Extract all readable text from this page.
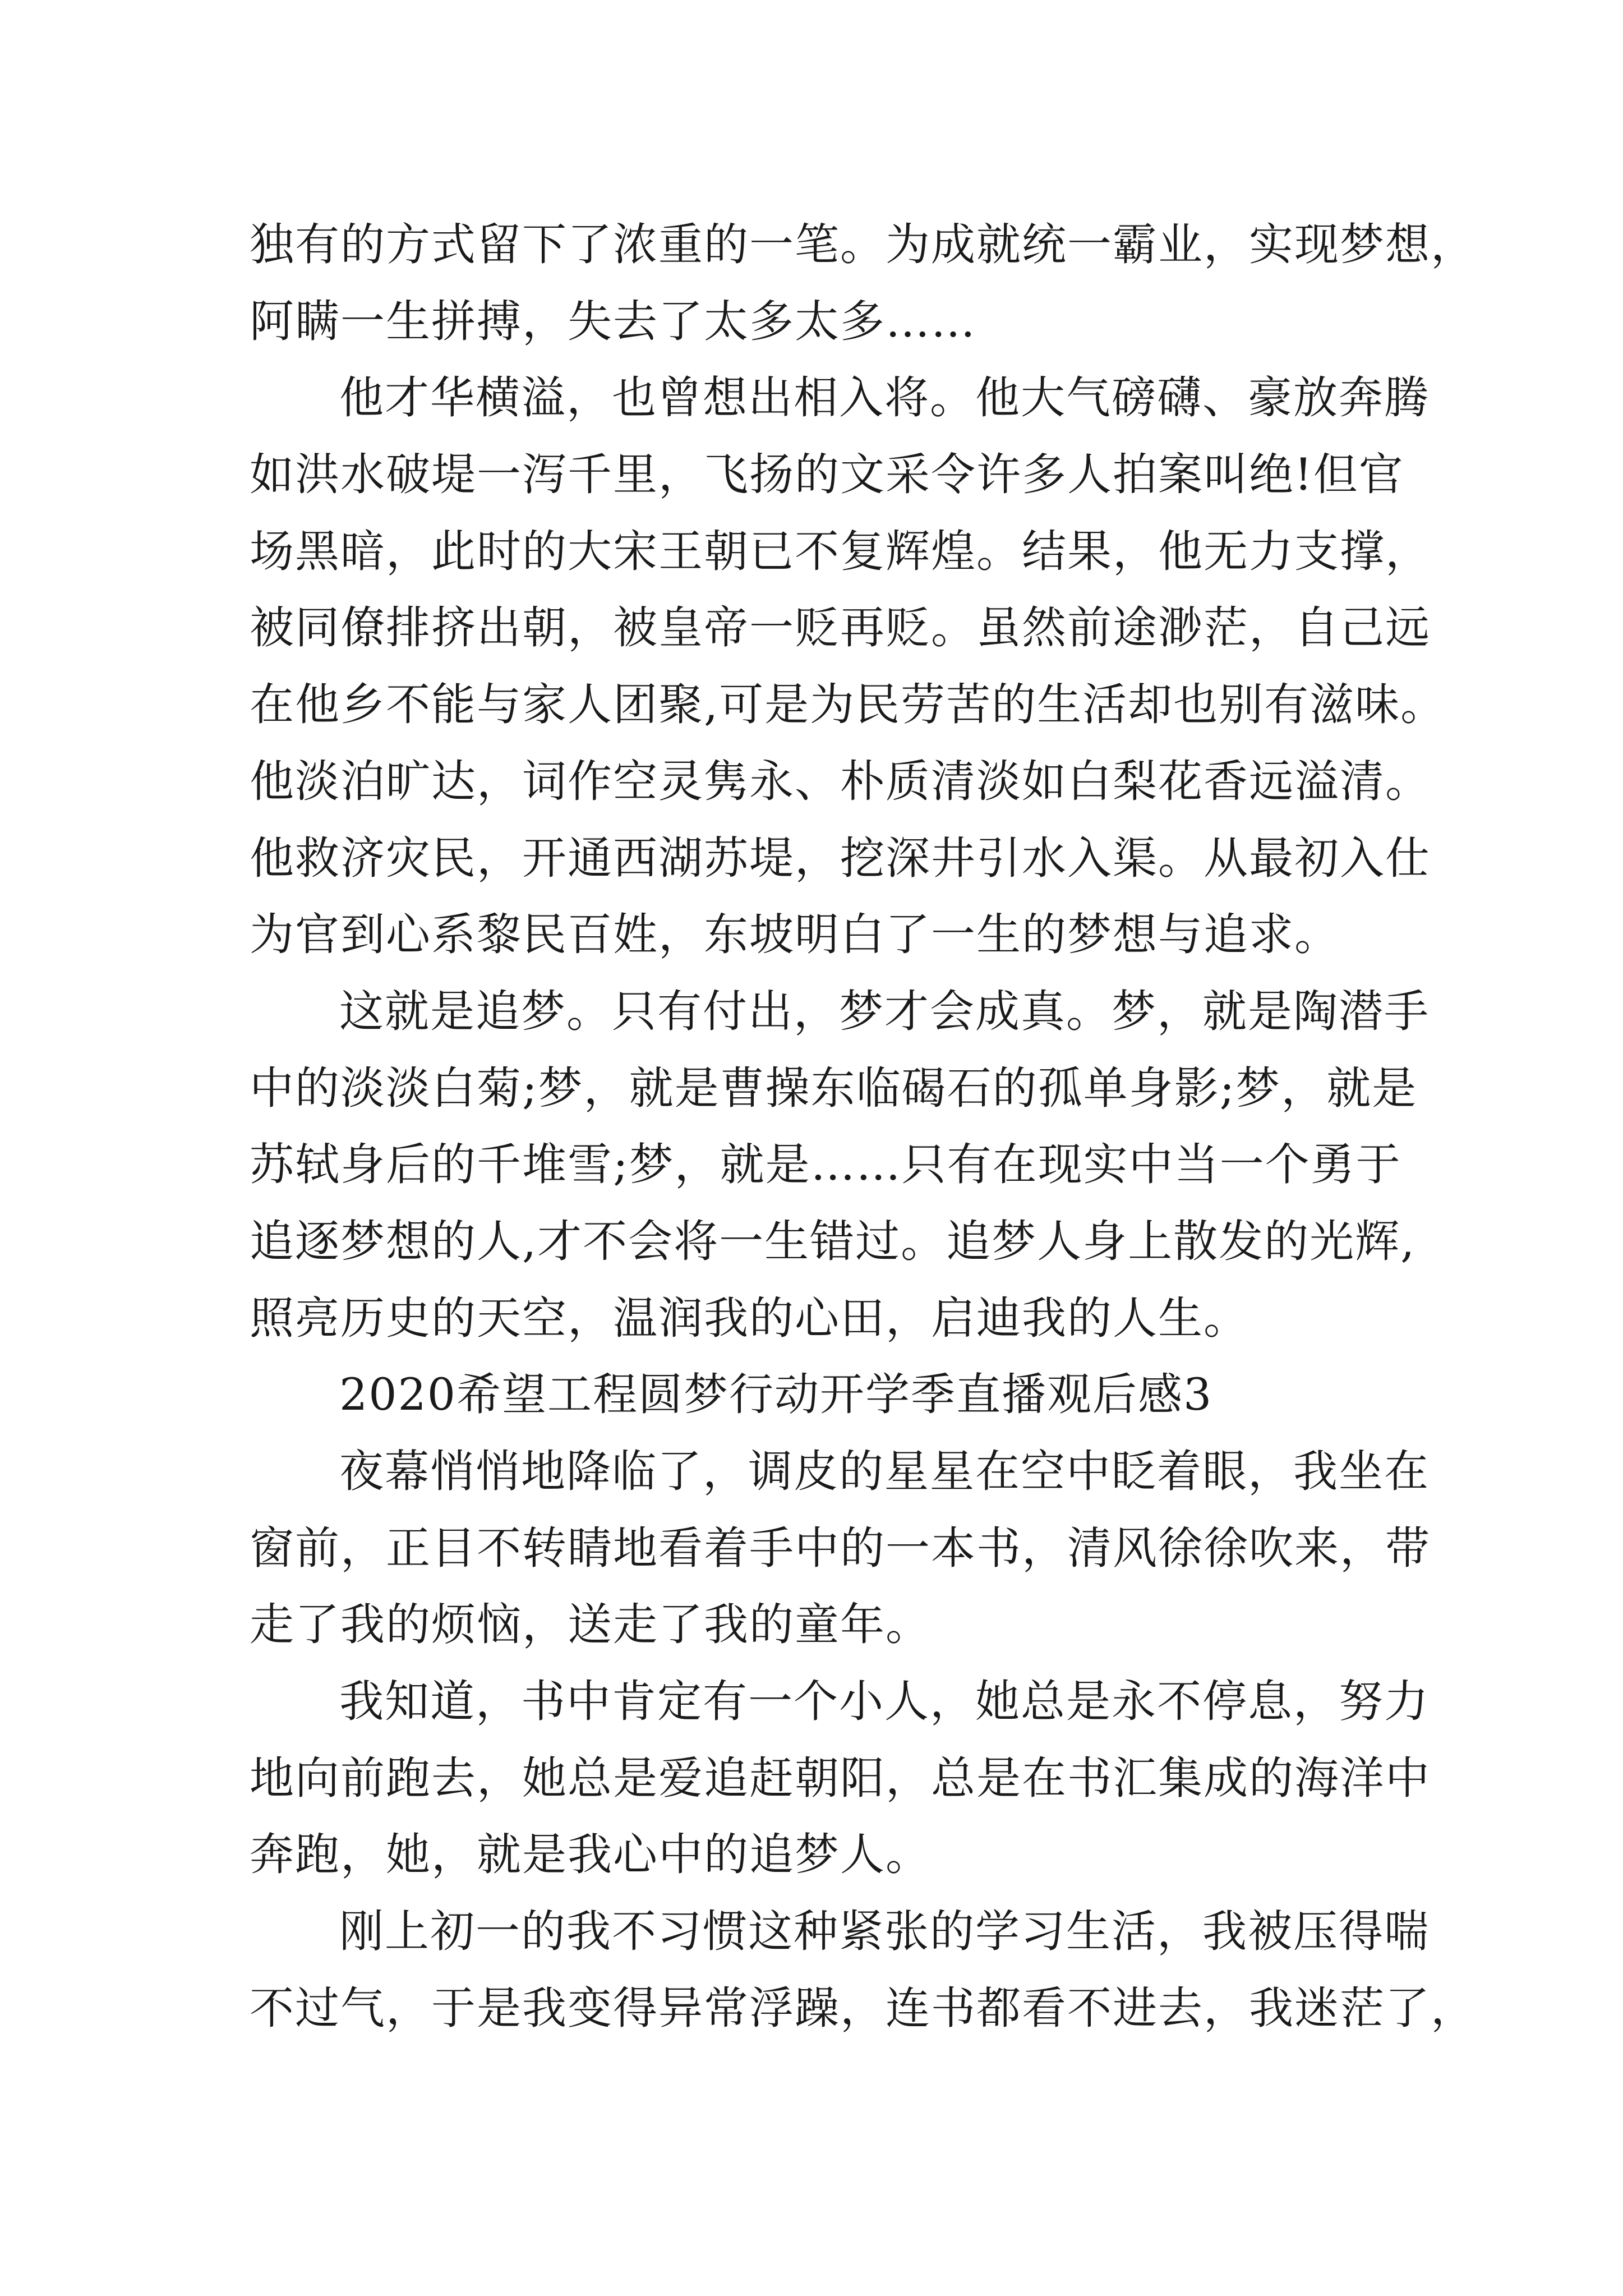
独有的方式留下了浓重的一笔。为成就统一霸业，实现梦想，
阿瞒一生拼搏，失去了太多太多……
他才华横溢，也曾想出相入将。他大气磅礴、豪放奔腾
如洪水破堤一泻千里，飞扬的文采令许多人拍案叫绝!但官
场黑暗，此时的大宋王朝已不复辉煌。结果，他无力支撑，
被同僚排挤出朝，被皇帝一贬再贬。虽然前途渺茫，自己远
在他乡不能与家人团聚,可是为民劳苦的生活却也别有滋味。
他淡泊旷达，词作空灵隽永、朴质清淡如白梨花香远溢清。
他救济灾民，开通西湖苏堤，挖深井引水入渠。从最初入仕
为官到心系黎民百姓，东坡明白了一生的梦想与追求。
这就是追梦。只有付出，梦才会成真。梦，就是陶潜手
中的淡淡白菊;梦，就是曹操东临碣石的孤单身影;梦，就是
苏轼身后的千堆雪;梦，就是……只有在现实中当一个勇于
追逐梦想的人,才不会将一生错过。追梦人身上散发的光辉,
照亮历史的天空，温润我的心田，启迪我的人生。
2020希望工程圆梦行动开学季直播观后感3
夜幕悄悄地降临了，调皮的星星在空中眨着眼，我坐在
窗前，正目不转睛地看着手中的一本书，清风徐徐吹来，带
走了我的烦恼，送走了我的童年。
我知道，书中肯定有一个小人，她总是永不停息，努力
地向前跑去，她总是爱追赶朝阳，总是在书汇集成的海洋中
奔跑，她，就是我心中的追梦人。
刚上初一的我不习惯这种紧张的学习生活，我被压得喘
不过气，于是我变得异常浮躁，连书都看不进去，我迷茫了，
